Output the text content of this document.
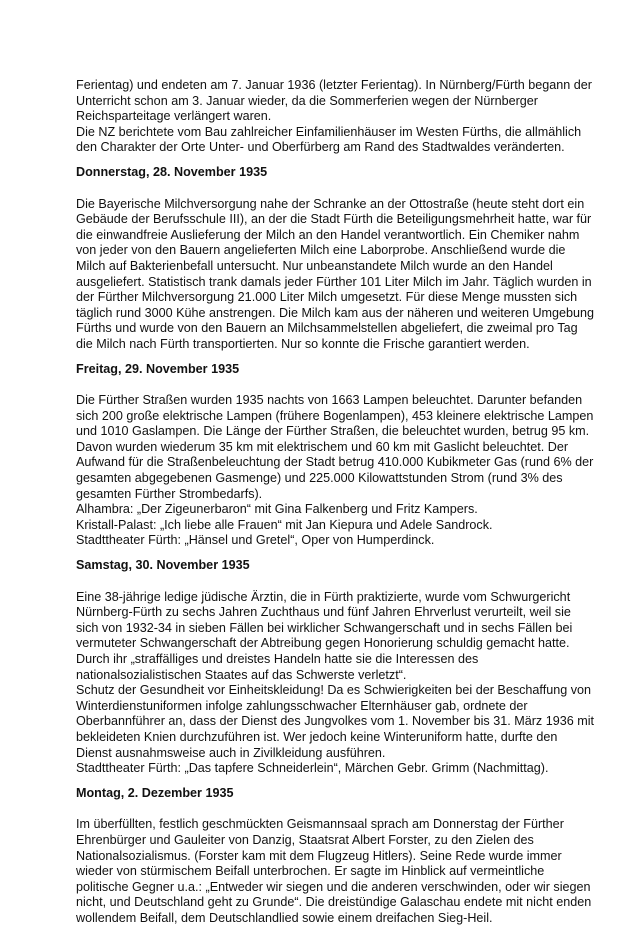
Ferientag) und endeten am 7. Januar 1936 (letzter Ferientag). In Nürnberg/Fürth begann der
Unterricht schon am 3. Januar wieder, da die Sommerferien wegen der Nürnberger
Reichsparteitage verlängert waren.
Die NZ berichtete vom Bau zahlreicher Einfamilienhäuser im Westen Fürths, die allmählich
den Charakter der Orte Unter- und Oberfürberg am Rand des Stadtwaldes veränderten.
Donnerstag, 28. November 1935
Die Bayerische Milchversorgung nahe der Schranke an der Ottostraße (heute steht dort ein
Gebäude der Berufsschule III), an der die Stadt Fürth die Beteiligungsmehrheit hatte, war für
die einwandfreie Auslieferung der Milch an den Handel verantwortlich. Ein Chemiker nahm
von jeder von den Bauern angelieferten Milch eine Laborprobe. Anschließend wurde die
Milch auf Bakterienbefall untersucht. Nur unbeanstandete Milch wurde an den Handel
ausgeliefert. Statistisch trank damals jeder Fürther 101 Liter Milch im Jahr. Täglich wurden in
der Fürther Milchversorgung 21.000 Liter Milch umgesetzt. Für diese Menge mussten sich
täglich rund 3000 Kühe anstrengen. Die Milch kam aus der näheren und weiteren Umgebung
Fürths und wurde von den Bauern an Milchsammelstellen abgeliefert, die zweimal pro Tag
die Milch nach Fürth transportierten. Nur so konnte die Frische garantiert werden.
Freitag, 29. November 1935
Die Fürther Straßen wurden 1935 nachts von 1663 Lampen beleuchtet. Darunter befanden
sich 200 große elektrische Lampen (frühere Bogenlampen), 453 kleinere elektrische Lampen
und 1010 Gaslampen. Die Länge der Fürther Straßen, die beleuchtet wurden, betrug 95 km.
Davon wurden wiederum 35 km mit elektrischem und 60 km mit Gaslicht beleuchtet. Der
Aufwand für die Straßenbeleuchtung der Stadt betrug 410.000 Kubikmeter Gas (rund 6% der
gesamten abgegebenen Gasmenge) und 225.000 Kilowattstunden Strom (rund 3% des
gesamten Fürther Strombedarfs).
Alhambra: „Der Zigeunerbaron“ mit Gina Falkenberg und Fritz Kampers.
Kristall-Palast: „Ich liebe alle Frauen“ mit Jan Kiepura und Adele Sandrock.
Stadttheater Fürth: „Hänsel und Gretel“, Oper von Humperdinck.
Samstag, 30. November 1935
Eine 38-jährige ledige jüdische Ärztin, die in Fürth praktizierte, wurde vom Schwurgericht
Nürnberg-Fürth zu sechs Jahren Zuchthaus und fünf Jahren Ehrverlust verurteilt, weil sie
sich von 1932-34 in sieben Fällen bei wirklicher Schwangerschaft und in sechs Fällen bei
vermuteter Schwangerschaft der Abtreibung gegen Honorierung schuldig gemacht hatte.
Durch ihr „straffälliges und dreistes Handeln hatte sie die Interessen des
nationalsozialistischen Staates auf das Schwerste verletzt“.
Schutz der Gesundheit vor Einheitskleidung! Da es Schwierigkeiten bei der Beschaffung von
Winterdienstuniformen infolge zahlungsschwacher Elternhäuser gab, ordnete der
Oberbannführer an, dass der Dienst des Jungvolkes vom 1. November bis 31. März 1936 mit
bekleideten Knien durchzuführen ist. Wer jedoch keine Winteruniform hatte, durfte den
Dienst ausnahmsweise auch in Zivilkleidung ausführen.
Stadttheater Fürth: „Das tapfere Schneiderlein“, Märchen Gebr. Grimm (Nachmittag).
Montag, 2. Dezember 1935
Im überfüllten, festlich geschmückten Geismannsaal sprach am Donnerstag der Fürther
Ehrenbürger und Gauleiter von Danzig, Staatsrat Albert Forster, zu den Zielen des
Nationalsozialismus. (Forster kam mit dem Flugzeug Hitlers). Seine Rede wurde immer
wieder von stürmischem Beifall unterbrochen. Er sagte im Hinblick auf vermeintliche
politische Gegner u.a.: „Entweder wir siegen und die anderen verschwinden, oder wir siegen
nicht, und Deutschland geht zu Grunde“. Die dreistündige Galaschau endete mit nicht enden
wollendem Beifall, dem Deutschlandlied sowie einem dreifachen Sieg-Heil.
